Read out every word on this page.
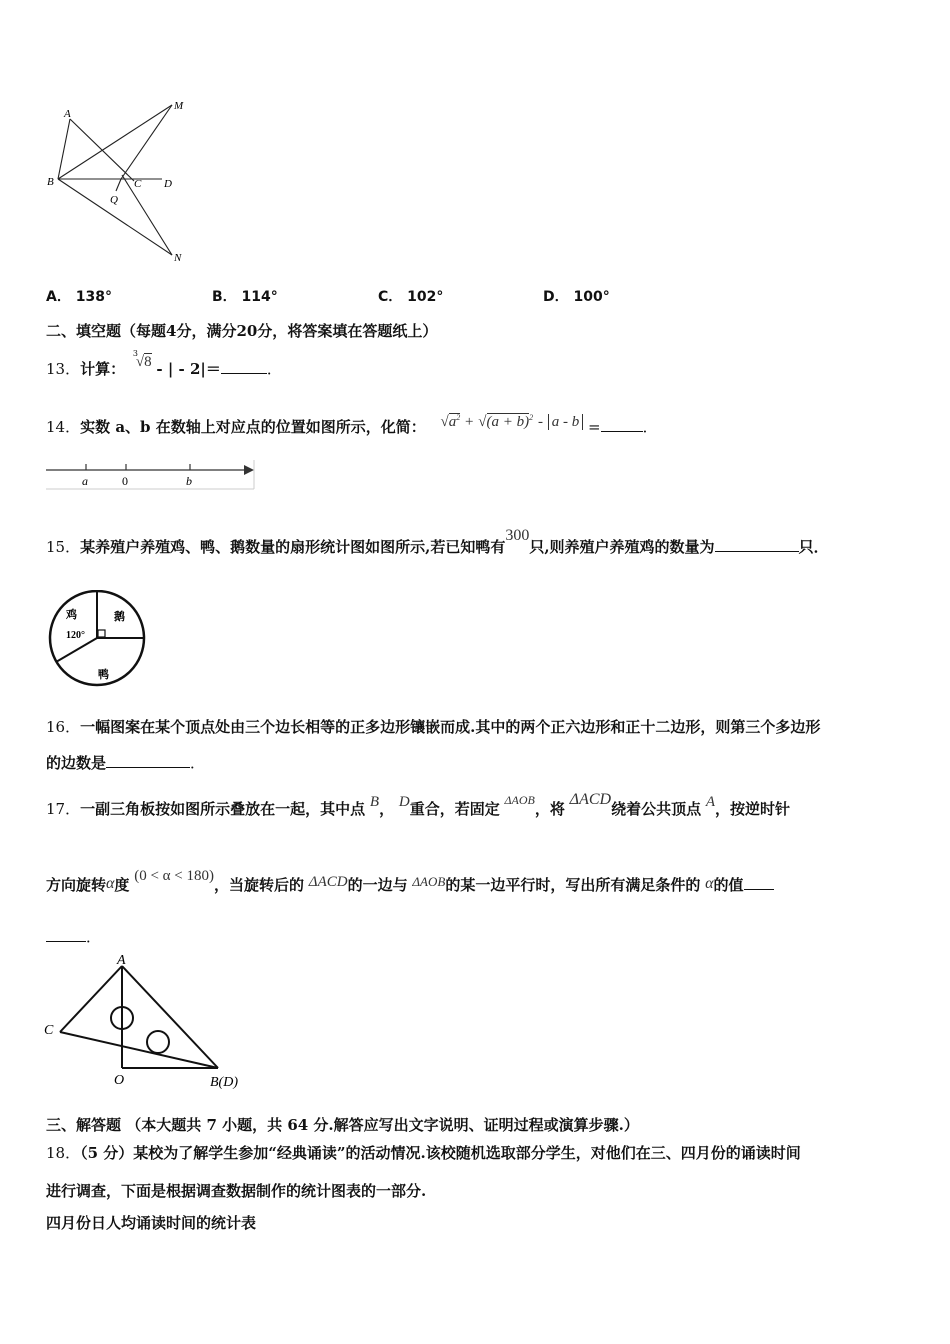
A
M
B	C D
Q
N
A． 138°	B． 114°	C． 102°	D． 100°
二、填空题（每题4分，满分20分，将答案填在答题纸上）
13．计算：
3
√8 - | - 2|＝	．
14．实数 a、b 在数轴上对应点的位置如图所示，化简： $√a^2 + √(a + b)^2 - a - b$ =	．
a	0	b
15．某养殖户养殖鸡、鸭、鹅数量的扇形统计图如图所示,若已知鸭有300只,则养殖户养殖鸡的数量为	只．
鸡
120°
鹅
鸭
16．一幅图案在某个顶点处由三个边长相等的正多边形镶嵌而成.其中的两个正六边形和正十二边形，则第三个多边形
的边数是	．
17．一副三角板按如图所示叠放在一起，其中点 B， D重合，若固定 $^{\Delta AOB}$，将 ΔACD绕着公共顶点 A，按逆时针
方向旋转α度 (0 < α < 180)，当旋转后的 ΔACD的一边与 ΔAOB的某一边平行时，写出所有满足条件的 α的值
．
A
C
O	B(D)
三、解答题 （本大题共 7 小题，共 64 分.解答应写出文字说明、证明过程或演算步骤.）
18．（5 分）某校为了解学生参加“经典诵读”的活动情况.该校随机选取部分学生，对他们在三、四月份的诵读时间
进行调查，下面是根据调查数据制作的统计图表的一部分.
四月份日人均诵读时间的统计表
